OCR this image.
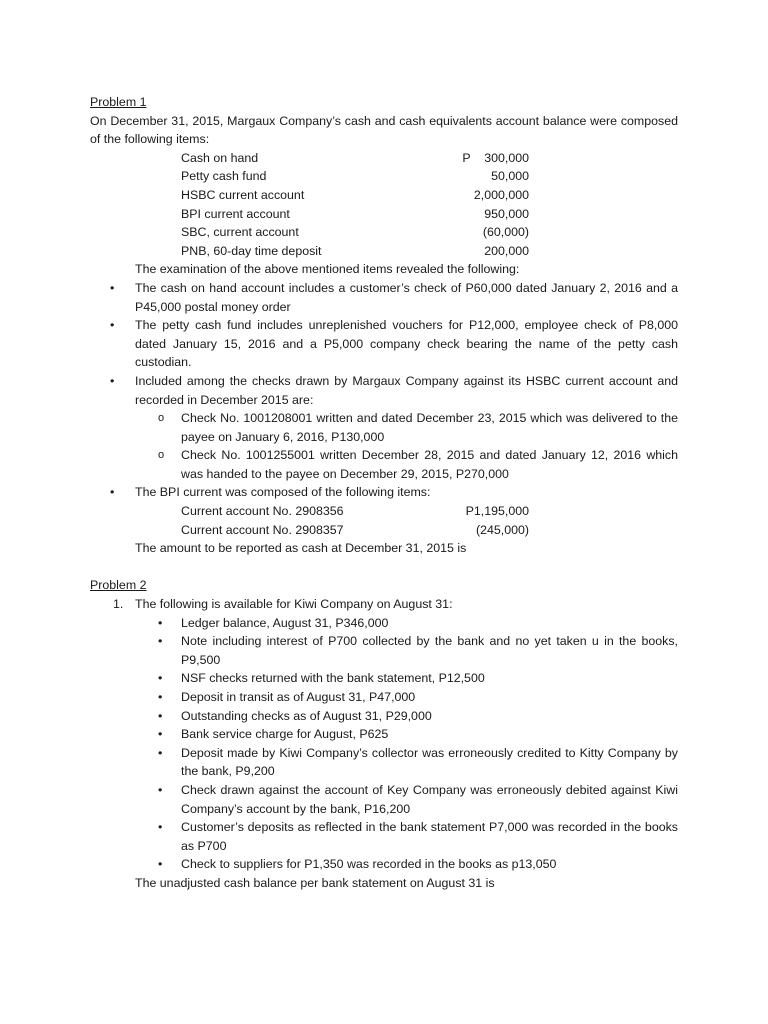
Problem 1
On December 31, 2015, Margaux Company’s cash and cash equivalents account balance were composed of the following items:
Cash on hand	P    300,000
Petty cash fund	50,000
HSBC current account	2,000,000
BPI current account	950,000
SBC, current account	(60,000)
PNB, 60-day time deposit	200,000
The examination of the above mentioned items revealed the following:
• The cash on hand account includes a customer’s check of P60,000 dated January 2, 2016 and a P45,000 postal money order
• The petty cash fund includes unreplenished vouchers for P12,000, employee check of P8,000 dated January 15, 2016 and a P5,000 company check bearing the name of the petty cash custodian.
• Included among the checks drawn by Margaux Company against its HSBC current account and recorded in December 2015 are:
o Check No. 1001208001 written and dated December 23, 2015 which was delivered to the payee on January 6, 2016, P130,000
o Check No. 1001255001 written December 28, 2015 and dated January 12, 2016 which was handed to the payee on December 29, 2015, P270,000
• The BPI current was composed of the following items:
Current account No. 2908356	P1,195,000
Current account No. 2908357	(245,000)
The amount to be reported as cash at December 31, 2015 is
Problem 2
1. The following is available for Kiwi Company on August 31:
• Ledger balance, August 31, P346,000
• Note including interest of P700 collected by the bank and no yet taken u in the books, P9,500
• NSF checks returned with the bank statement, P12,500
• Deposit in transit as of August 31, P47,000
• Outstanding checks as of August 31, P29,000
• Bank service charge for August, P625
• Deposit made by Kiwi Company’s collector was erroneously credited to Kitty Company by the bank, P9,200
• Check drawn against the account of Key Company was erroneously debited against Kiwi Company’s account by the bank, P16,200
• Customer’s deposits as reflected in the bank statement P7,000 was recorded in the books as P700
• Check to suppliers for P1,350 was recorded in the books as p13,050
The unadjusted cash balance per bank statement on August 31 is
